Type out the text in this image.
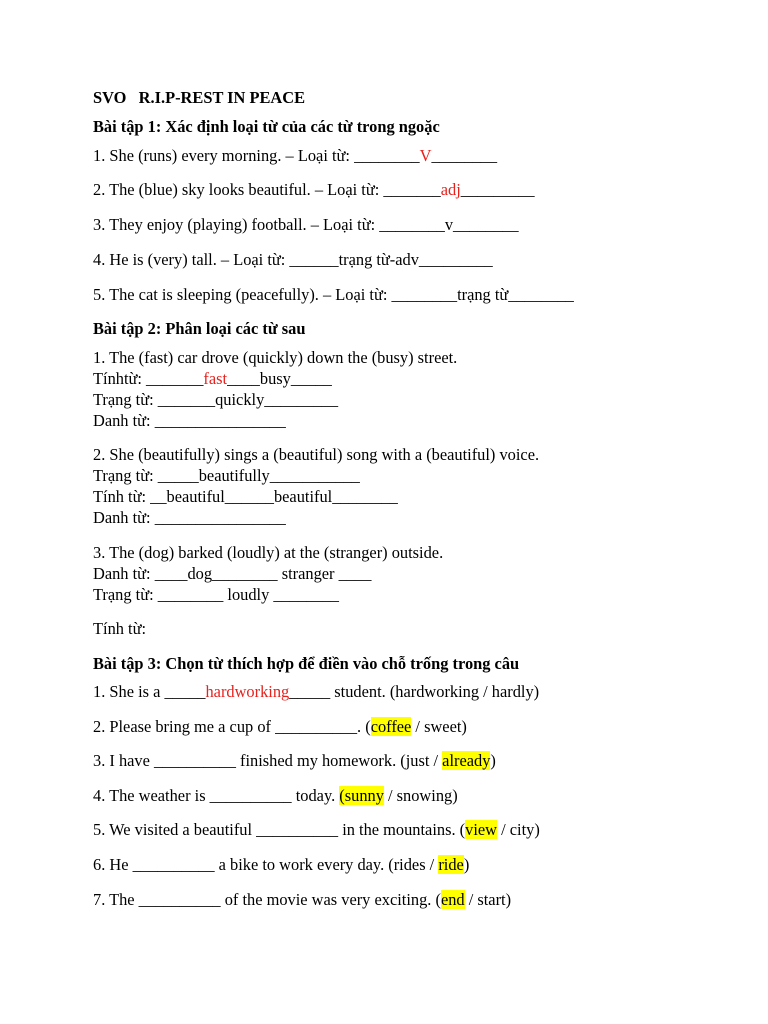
SVO R.I.P-REST IN PEACE
Bài tập 1: Xác định loại từ của các từ trong ngoặc
1. She (runs) every morning. – Loại từ: ________V________
2. The (blue) sky looks beautiful. – Loại từ: _______adj_________
3. They enjoy (playing) football. – Loại từ: ________v________
4. He is (very) tall. – Loại từ: ______trạng từ-adv_________
5. The cat is sleeping (peacefully). – Loại từ: ________trạng từ________
Bài tập 2: Phân loại các từ sau
1. The (fast) car drove (quickly) down the (busy) street.
Tínhtừ: _______fast____busy_____
Trạng từ: _______quickly_________
Danh từ: ________________
2. She (beautifully) sings a (beautiful) song with a (beautiful) voice.
Trạng từ: _____beautifully___________
Tính từ: __beautiful______beautiful________
Danh từ: ________________
3. The (dog) barked (loudly) at the (stranger) outside.
Danh từ: ____dog________ stranger ____
Trạng từ: ________ loudly ________
Tính từ:
Bài tập 3: Chọn từ thích hợp để điền vào chỗ trống trong câu
1. She is a _____hardworking_____ student. (hardworking / hardly)
2. Please bring me a cup of __________. (coffee / sweet)
3. I have __________ finished my homework. (just / already)
4. The weather is __________ today. (sunny / snowing)
5. We visited a beautiful __________ in the mountains. (view / city)
6. He __________ a bike to work every day. (rides / ride)
7. The __________ of the movie was very exciting. (end / start)
